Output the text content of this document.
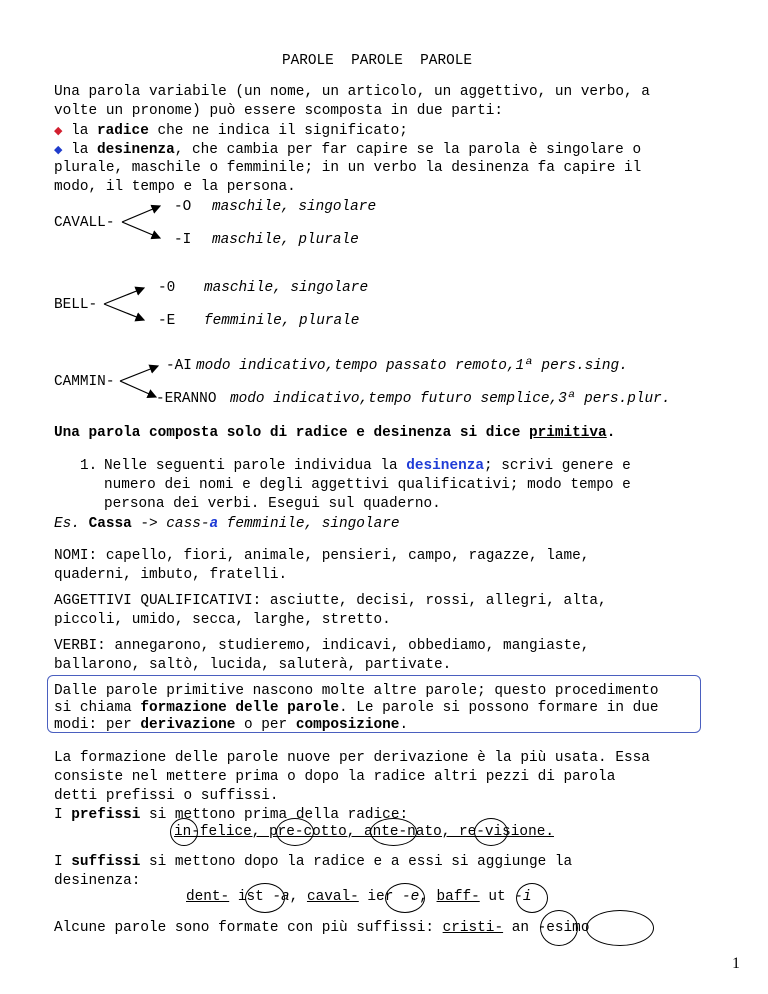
PAROLE  PAROLE  PAROLE
Una parola variabile (un nome, un articolo, un aggettivo, un verbo, a
volte un pronome) può essere scomposta in due parti:
◆ la radice che ne indica il significato;
◆ la desinenza, che cambia per far capire se la parola è singolare o
plurale, maschile o femminile; in un verbo la desinenza fa capire il
modo, il tempo e la persona.
CAVALL-
-O maschile, singolare
-I maschile, plurale
BELL-
-0 maschile, singolare
-E femminile, plurale
CAMMIN-
-AI modo indicativo,tempo passato remoto,1ª pers.sing.
-ERANNO modo indicativo,tempo futuro semplice,3ª pers.plur.
Una parola composta solo di radice e desinenza si dice primitiva.
1. Nelle seguenti parole individua la desinenza; scrivi genere e
numero dei nomi e degli aggettivi qualificativi; modo tempo e
persona dei verbi. Esegui sul quaderno.
Es. Cassa -> cass-a femminile, singolare
NOMI: capello, fiori, animale, pensieri, campo, ragazze, lame,
quaderni, imbuto, fratelli.
AGGETTIVI QUALIFICATIVI: asciutte, decisi, rossi, allegri, alta,
piccoli, umido, secca, larghe, stretto.
VERBI: annegarono, studieremo, indicavi, obbediamo, mangiaste,
ballarono, saltò, lucida, saluterà, partivate.
Dalle parole primitive nascono molte altre parole; questo procedimento
si chiama formazione delle parole. Le parole si possono formare in due
modi: per derivazione o per composizione.
La formazione delle parole nuove per derivazione è la più usata. Essa
consiste nel mettere prima o dopo la radice altri pezzi di parola
detti prefissi o suffissi.
I prefissi si mettono prima della radice:
in-felice, pre-cotto, ante-nato, re-visione.
I suffissi si mettono dopo la radice e a essi si aggiunge la
desinenza:
dent- ist -a, caval- ier -e, baff- ut -i
Alcune parole sono formate con più suffissi: cristi- an -esimo
1
